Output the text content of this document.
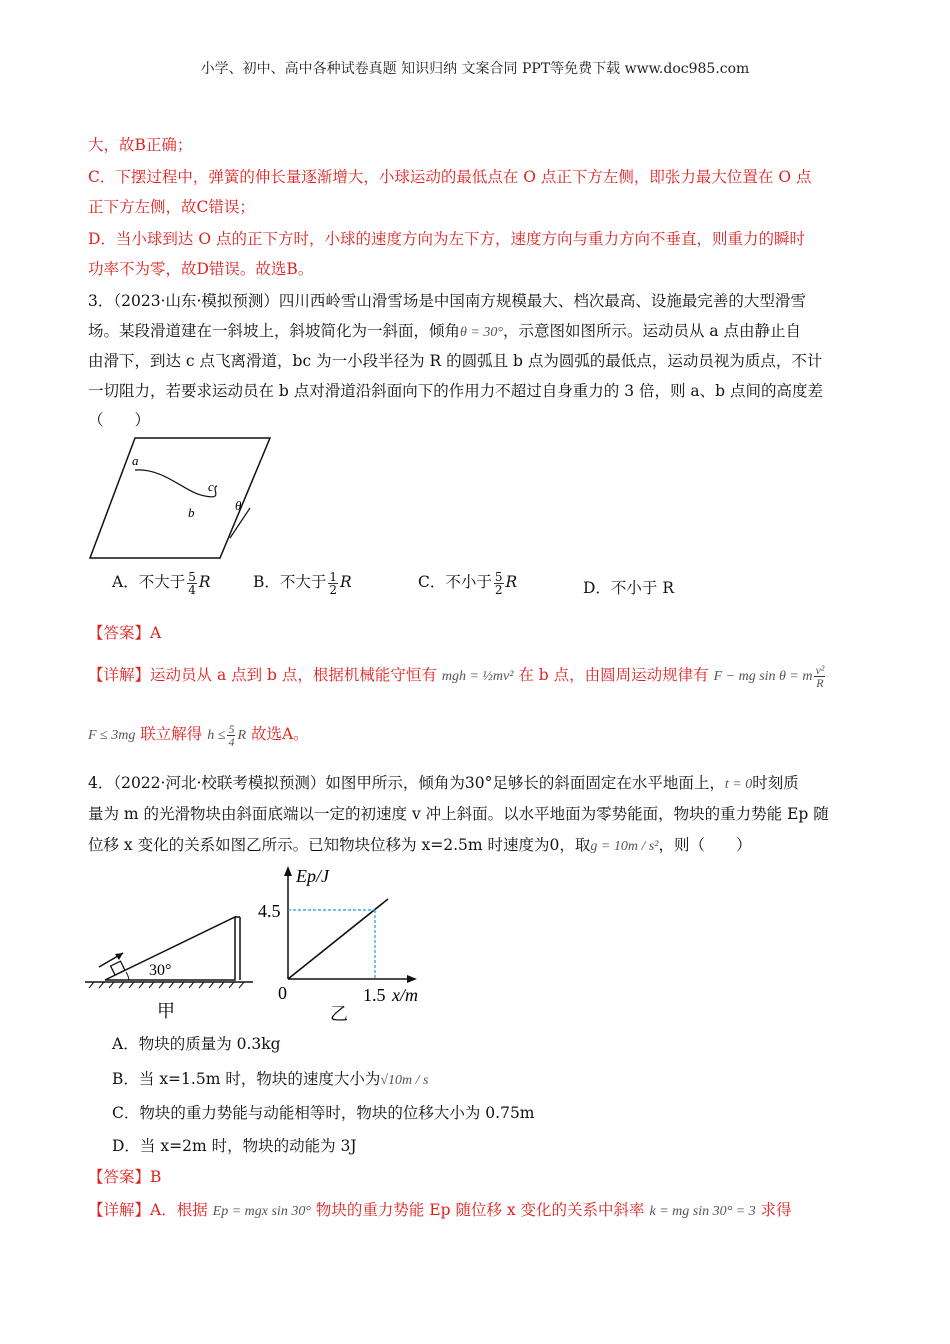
小学、初中、高中各种试卷真题 知识归纳 文案合同 PPT等免费下载 www.doc985.com
大，故B正确；
C．下摆过程中，弹簧的伸长量逐渐增大，小球运动的最低点在 O 点正下方左侧，即张力最大位置在 O 点
正下方左侧，故C错误；
D．当小球到达 O 点的正下方时，小球的速度方向为左下方，速度方向与重力方向不垂直，则重力的瞬时
功率不为零，故D错误。故选B。
3．（2023·山东·模拟预测）四川西岭雪山滑雪场是中国南方规模最大、档次最高、设施最完善的大型滑雪
场。某段滑道建在一斜坡上，斜坡简化为一斜面，倾角θ = 30°，示意图如图所示。运动员从 a 点由静止自
由滑下，到达 c 点飞离滑道，bc 为一小段半径为 R 的圆弧且 b 点为圆弧的最低点，运动员视为质点，不计
一切阻力，若要求运动员在 b 点对滑道沿斜面向下的作用力不超过自身重力的 3 倍，则 a、b 点间的高度差
（　　）
a
b
c
θ
A．不大于 $\frac{5}{4}$ R	B．不大于 $\frac{1}{2}$ R	C．不小于 $\frac{5}{2}$ R	D．不小于 R
【答案】A
【详解】运动员从 a 点到 b 点，根据机械能守恒有 mgh = ½mv² 在 b 点，由圆周运动规律有 F − mg sin θ = m $\frac{\text{v²}}{R}$
F ≤ 3mg 联立解得 $h \le \frac{5}{4}$ R 故选A。
4．（2022·河北·校联考模拟预测）如图甲所示，倾角为30°足够长的斜面固定在水平地面上，t = 0时刻质
量为 m 的光滑物块由斜面底端以一定的初速度 v 冲上斜面。以水平地面为零势能面，物块的重力势能 Ep 随
位移 x 变化的关系如图乙所示。已知物块位移为 x=2.5m 时速度为0，取g = 10m / s²，则（　　）
30°
甲
Ep/J
4.5
0	1.5 x/m
乙
A．物块的质量为 0.3kg
B．当 x=1.5m 时，物块的速度大小为√10m / s
C．物块的重力势能与动能相等时，物块的位移大小为 0.75m
D．当 x=2m 时，物块的动能为 3J
【答案】B
【详解】A．根据 Ep = mgx sin 30° 物块的重力势能 Ep 随位移 x 变化的关系中斜率 k = mg sin 30° = 3 求得
